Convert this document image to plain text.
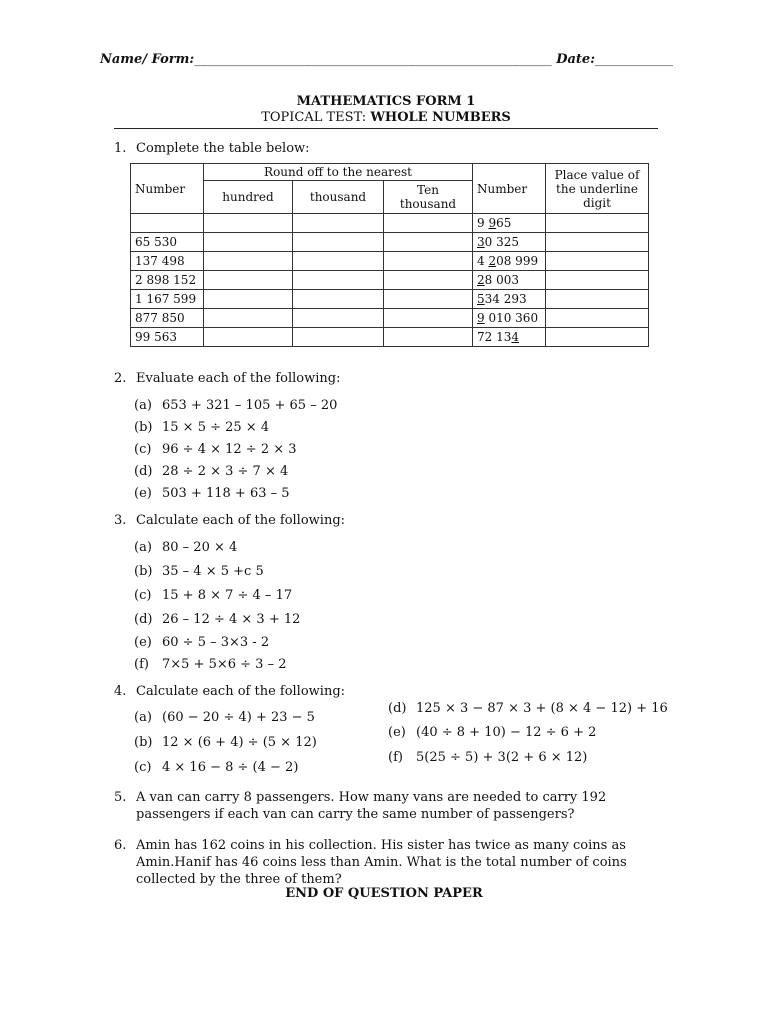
Name/ Form:_______________________________________________________ Date:____________
MATHEMATICS FORM 1
TOPICAL TEST: WHOLE NUMBERS
1. Complete the table below:
Number	Round off to the nearest			Number	Place value of the underline digit
	hundred	thousand	Ten thousand		
				9 965	
65 530				30 325	
137 498				4 208 999	
2 898 152				28 003	
1 167 599				534 293	
877 850				9 010 360	
99 563				72 134	
2. Evaluate each of the following:
(a) 653 + 321 – 105 + 65 – 20
(b) 15 × 5 ÷ 25 × 4
(c) 96 ÷ 4 × 12 ÷ 2 × 3
(d) 28 ÷ 2 × 3 ÷ 7 × 4
(e) 503 + 118 + 63 – 5
3. Calculate each of the following:
(a) 80 – 20 × 4
(b) 35 – 4 × 5 +c 5
(c) 15 + 8 × 7 ÷ 4 – 17
(d) 26 – 12 ÷ 4 × 3 + 12
(e) 60 ÷ 5 – 3×3 - 2
(f) 7×5 + 5×6 ÷ 3 – 2
4. Calculate each of the following:
(a) (60 − 20 ÷ 4) + 23 − 5
(b) 12 × (6 + 4) ÷ (5 × 12)
(c) 4 × 16 − 8 ÷ (4 − 2)
(d) 125 × 3 − 87 × 3 + (8 × 4 − 12) + 16
(e) (40 ÷ 8 + 10) − 12 ÷ 6 + 2
(f) 5(25 ÷ 5) + 3(2 + 6 × 12)
5. A van can carry 8 passengers. How many vans are needed to carry 192 passengers if each van can carry the same number of passengers?
6. Amin has 162 coins in his collection. His sister has twice as many coins as Amin.Hanif has 46 coins less than Amin. What is the total number of coins collected by the three of them?
END OF QUESTION PAPER
